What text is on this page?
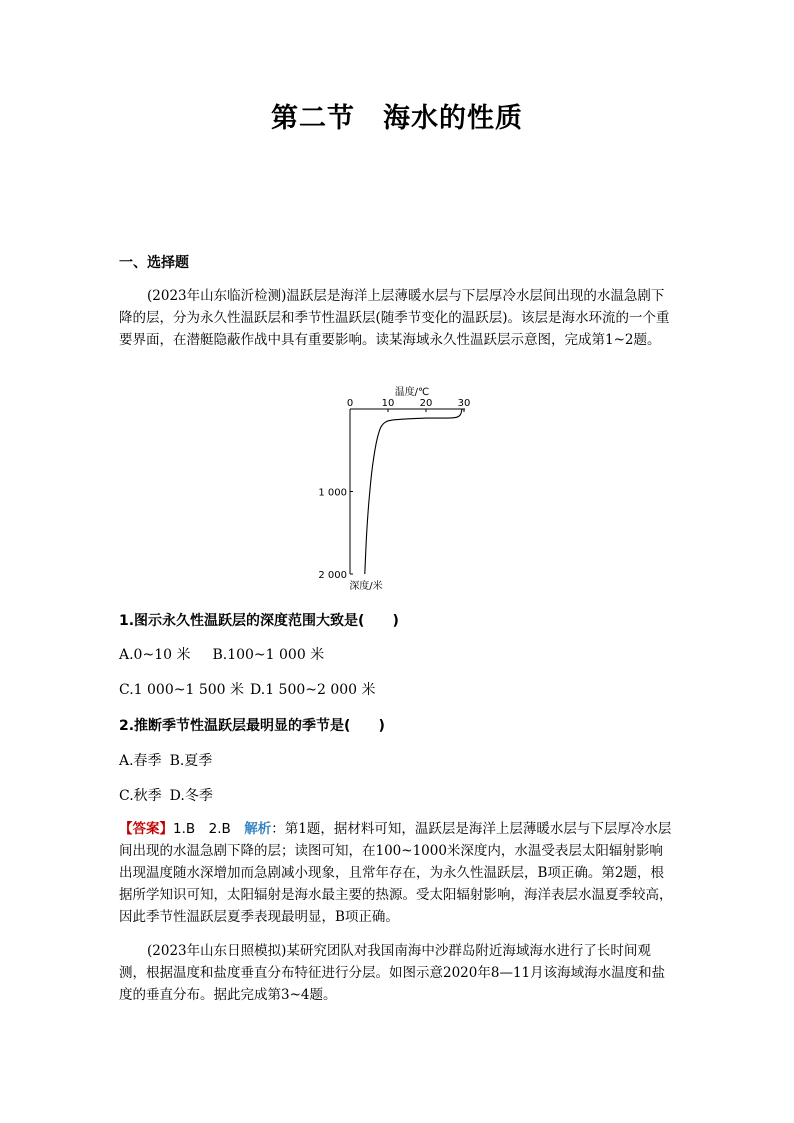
第二节 海水的性质
一、选择题
(2023年山东临沂检测)温跃层是海洋上层薄暖水层与下层厚冷水层间出现的水温急剧下降的层，分为永久性温跃层和季节性温跃层(随季节变化的温跃层)。该层是海水环流的一个重要界面，在潜艇隐蔽作战中具有重要影响。读某海域永久性温跃层示意图，完成第1~2题。
温度/℃
0	10	20	30
1 000
2 000
深度/米
1.图示永久性温跃层的深度范围大致是(　　)
A.0~10 米 B.100~1 000 米
C.1 000~1 500 米 D.1 500~2 000 米
2.推断季节性温跃层最明显的季节是(　　)
A.春季 B.夏季
C.秋季 D.冬季
【答案】1.B　2.B　解析：第1题，据材料可知，温跃层是海洋上层薄暖水层与下层厚冷水层间出现的水温急剧下降的层；读图可知，在100~1000米深度内，水温受表层太阳辐射影响出现温度随水深增加而急剧减小现象，且常年存在，为永久性温跃层，B项正确。第2题，根据所学知识可知，太阳辐射是海水最主要的热源。受太阳辐射影响，海洋表层水温夏季较高，因此季节性温跃层夏季表现最明显，B项正确。
(2023年山东日照模拟)某研究团队对我国南海中沙群岛附近海域海水进行了长时间观测，根据温度和盐度垂直分布特征进行分层。如图示意2020年8—11月该海域海水温度和盐度的垂直分布。据此完成第3~4题。
